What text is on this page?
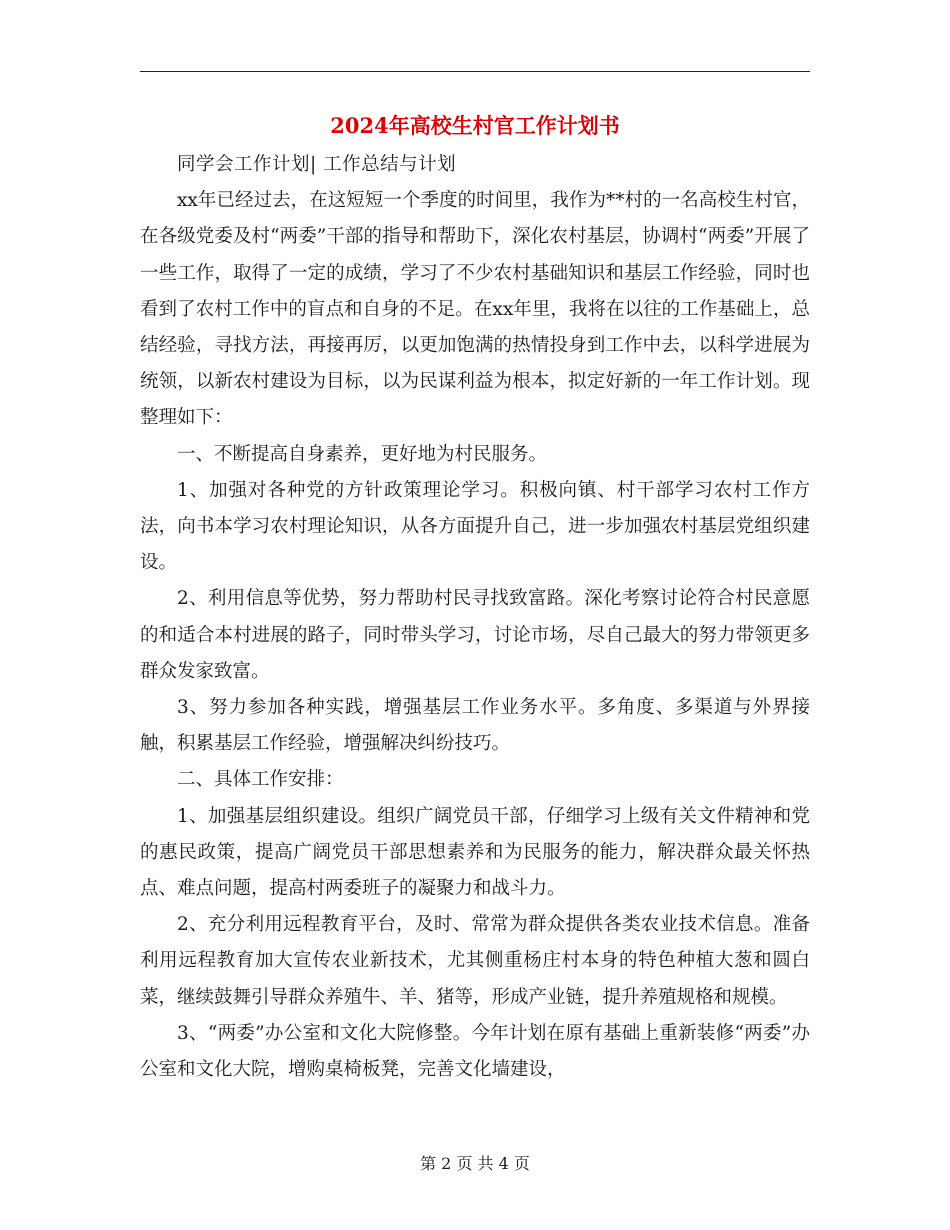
2024年高校生村官工作计划书

同学会工作计划| 工作总结与计划

xx年已经过去，在这短短一个季度的时间里，我作为**村的一名高校生村官，在各级党委及村“两委”干部的指导和帮助下，深化农村基层，协调村“两委”开展了一些工作，取得了一定的成绩，学习了不少农村基础知识和基层工作经验，同时也看到了农村工作中的盲点和自身的不足。在xx年里，我将在以往的工作基础上，总结经验，寻找方法，再接再厉，以更加饱满的热情投身到工作中去，以科学进展为统领，以新农村建设为目标，以为民谋利益为根本，拟定好新的一年工作计划。现整理如下：

一、不断提高自身素养，更好地为村民服务。

1、加强对各种党的方针政策理论学习。积极向镇、村干部学习农村工作方法，向书本学习农村理论知识，从各方面提升自己，进一步加强农村基层党组织建设。

2、利用信息等优势，努力帮助村民寻找致富路。深化考察讨论符合村民意愿的和适合本村进展的路子，同时带头学习，讨论市场，尽自己最大的努力带领更多群众发家致富。

3、努力参加各种实践，增强基层工作业务水平。多角度、多渠道与外界接触，积累基层工作经验，增强解决纠纷技巧。

二、具体工作安排：

1、加强基层组织建设。组织广阔党员干部，仔细学习上级有关文件精神和党的惠民政策，提高广阔党员干部思想素养和为民服务的能力，解决群众最关怀热点、难点问题，提高村两委班子的凝聚力和战斗力。

2、充分利用远程教育平台，及时、常常为群众提供各类农业技术信息。准备利用远程教育加大宣传农业新技术，尤其侧重杨庄村本身的特色种植大葱和圆白菜，继续鼓舞引导群众养殖牛、羊、猪等，形成产业链，提升养殖规格和规模。

3、“两委”办公室和文化大院修整。今年计划在原有基础上重新装修“两委”办公室和文化大院，增购桌椅板凳，完善文化墙建设，

第 2 页 共 4 页
